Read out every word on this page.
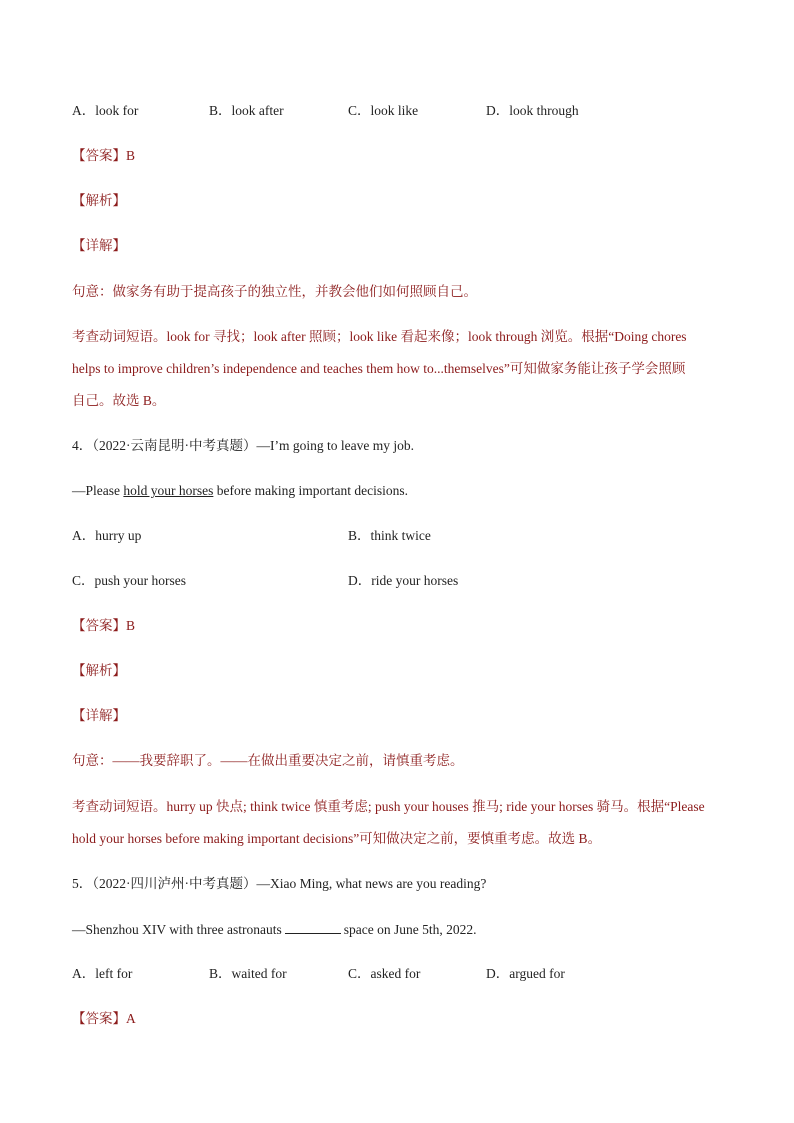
A．look for	B．look after	C．look like	D．look through
【答案】B
【解析】
【详解】
句意：做家务有助于提高孩子的独立性，并教会他们如何照顾自己。
考查动词短语。look for 寻找；look after 照顾；look like 看起来像；look through 浏览。根据“Doing chores
helps to improve children’s independence and teaches them how to...themselves”可知做家务能让孩子学会照顾
自己。故选 B。
4．（2022·云南昆明·中考真题）—I’m going to leave my job.
—Please hold your horses before making important decisions.
A．hurry up	B．think twice
C．push your horses	D．ride your horses
【答案】B
【解析】
【详解】
句意：——我要辞职了。——在做出重要决定之前，请慎重考虑。
考查动词短语。hurry up 快点; think twice 慎重考虑; push your houses 推马; ride your horses 骑马。根据“Please
hold your horses before making important decisions”可知做决定之前，要慎重考虑。故选 B。
5．（2022·四川泸州·中考真题）—Xiao Ming, what news are you reading?
—Shenzhou XIV with three astronauts	space on June 5th, 2022.
A．left for	B．waited for	C．asked for	D．argued for
【答案】A
